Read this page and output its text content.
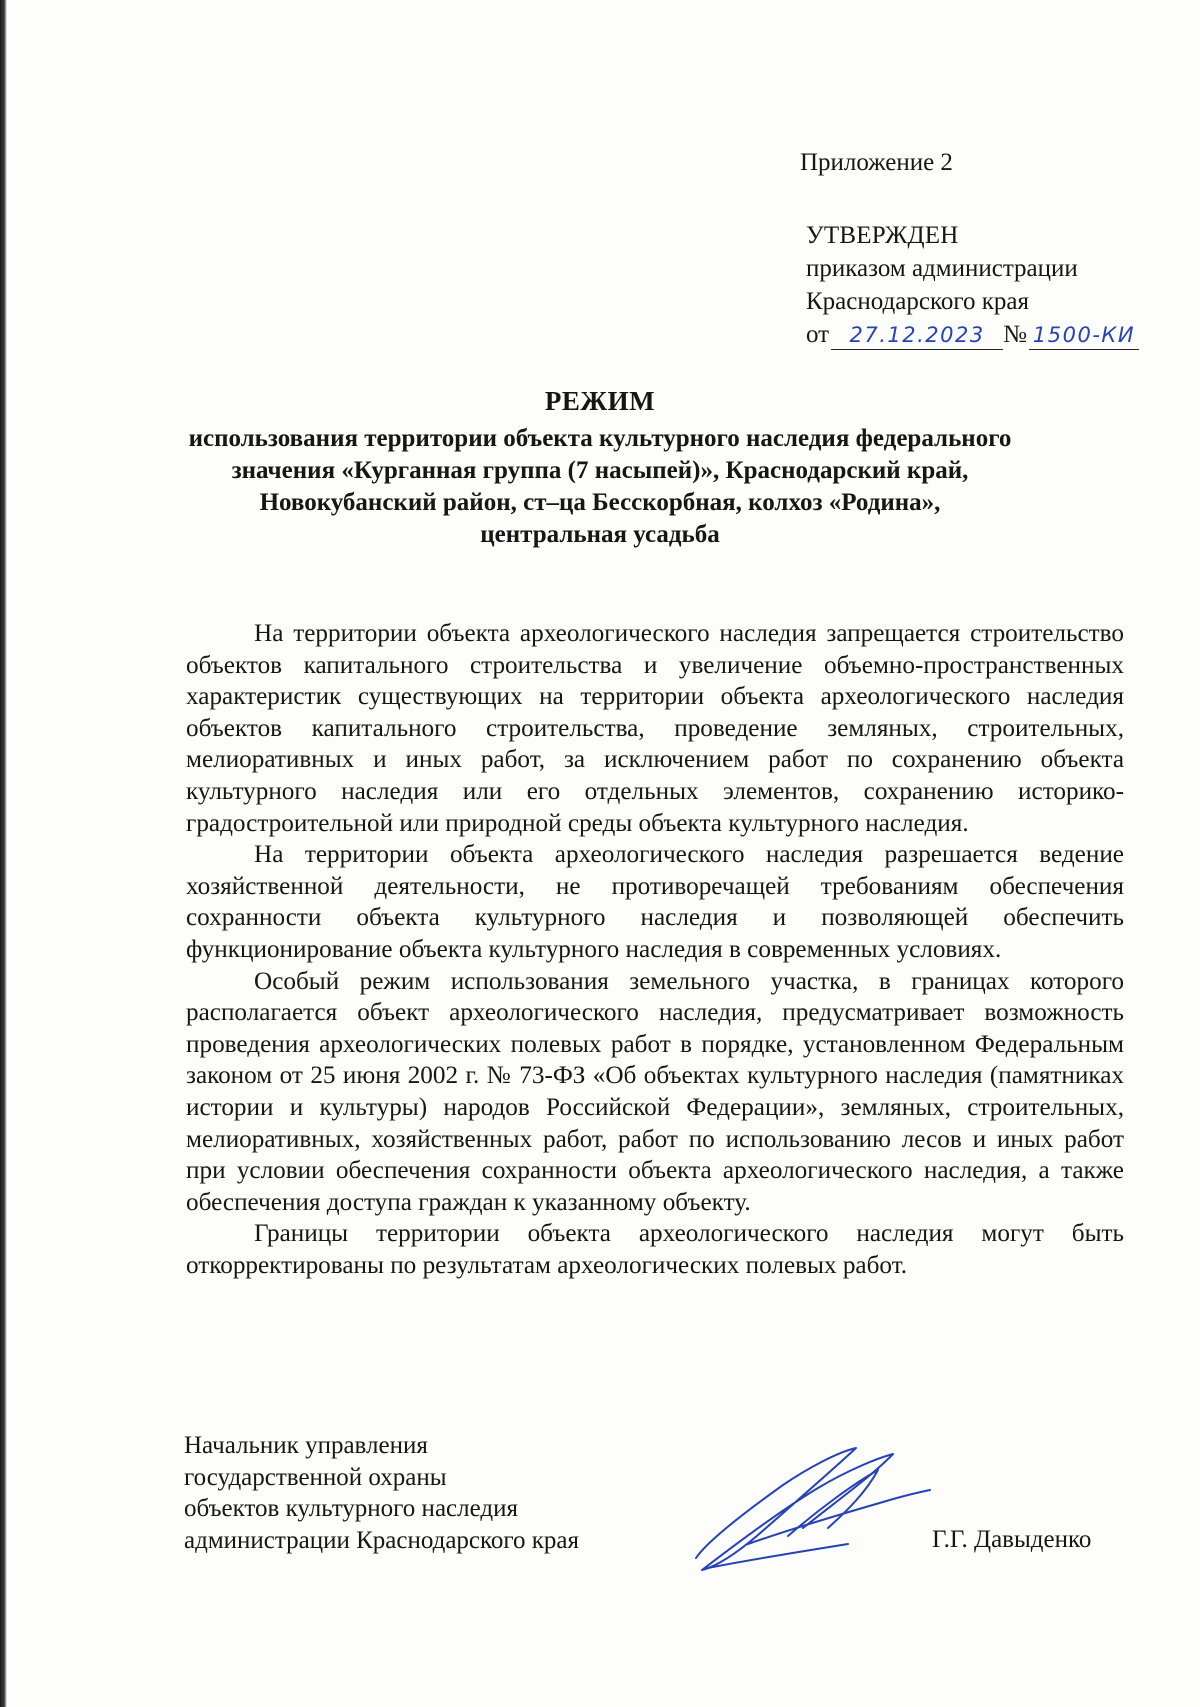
Приложение 2
УТВЕРЖДЕН
приказом администрации
Краснодарского края
от 27.12.2023 № 1500-КИ
РЕЖИМ
использования территории объекта культурного наследия федерального
значения «Курганная группа (7 насыпей)», Краснодарский край,
Новокубанский район, ст–ца Бесскорбная, колхоз «Родина»,
центральная усадьба

На территории объекта археологического наследия запрещается строительство объектов капитального строительства и увеличение объемно-пространственных характеристик существующих на территории объекта археологического наследия объектов капитального строительства, проведение земляных, строительных, мелиоративных и иных работ, за исключением работ по сохранению объекта культурного наследия или его отдельных элементов, сохранению историко-градостроительной или природной среды объекта культурного наследия.

На территории объекта археологического наследия разрешается ведение хозяйственной деятельности, не противоречащей требованиям обеспечения сохранности объекта культурного наследия и позволяющей обеспечить функционирование объекта культурного наследия в современных условиях.

Особый режим использования земельного участка, в границах которого располагается объект археологического наследия, предусматривает возможность проведения археологических полевых работ в порядке, установленном Федеральным законом от 25 июня 2002 г. № 73-ФЗ «Об объектах культурного наследия (памятниках истории и культуры) народов Российской Федерации», земляных, строительных, мелиоративных, хозяйственных работ, работ по использованию лесов и иных работ при условии обеспечения сохранности объекта археологического наследия, а также обеспечения доступа граждан к указанному объекту.

Границы территории объекта археологического наследия могут быть откорректированы по результатам археологических полевых работ.

Начальник управления
государственной охраны
объектов культурного наследия
администрации Краснодарского края	Г.Г. Давыденко
